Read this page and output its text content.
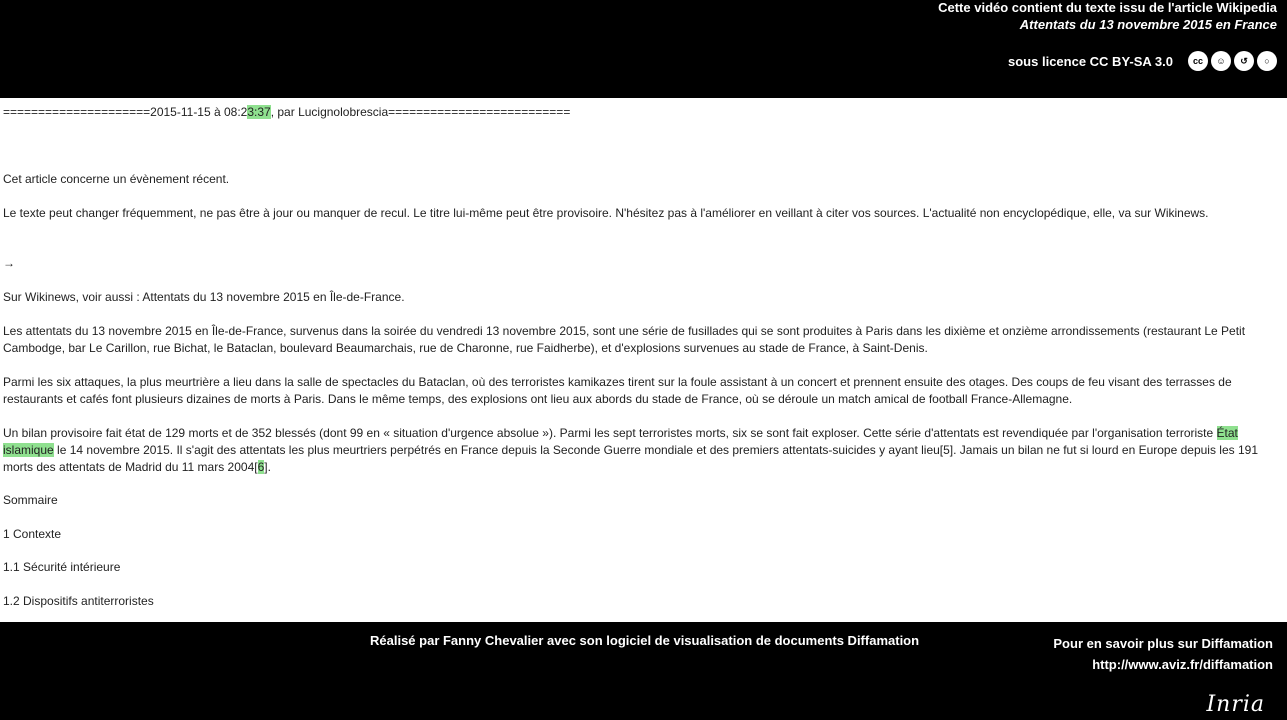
Cette vidéo contient du texte issu de l'article Wikipedia
Attentats du 13 novembre 2015 en France
sous licence CC BY-SA 3.0	cc	☺	↺	○

=====================2015-11-15 à 08:23:37, par Lucignolobrescia==========================

Cet article concerne un évènement récent.

Le texte peut changer fréquemment, ne pas être à jour ou manquer de recul. Le titre lui-même peut être provisoire. N'hésitez pas à l'améliorer en veillant à citer vos sources. L'actualité non encyclopédique, elle, va sur Wikinews.

→

Sur Wikinews, voir aussi : Attentats du 13 novembre 2015 en Île-de-France.

Les attentats du 13 novembre 2015 en Île-de-France, survenus dans la soirée du vendredi 13 novembre 2015, sont une série de fusillades qui se sont produites à Paris dans les dixième et onzième arrondissements (restaurant Le Petit Cambodge, bar Le Carillon, rue Bichat, le Bataclan, boulevard Beaumarchais, rue de Charonne, rue Faidherbe), et d'explosions survenues au stade de France, à Saint-Denis.

Parmi les six attaques, la plus meurtrière a lieu dans la salle de spectacles du Bataclan, où des terroristes kamikazes tirent sur la foule assistant à un concert et prennent ensuite des otages. Des coups de feu visant des terrasses de restaurants et cafés font plusieurs dizaines de morts à Paris. Dans le même temps, des explosions ont lieu aux abords du stade de France, où se déroule un match amical de football France-Allemagne.

Un bilan provisoire fait état de 129 morts et de 352 blessés (dont 99 en « situation d'urgence absolue »). Parmi les sept terroristes morts, six se sont fait exploser. Cette série d'attentats est revendiquée par l'organisation terroriste État islamique le 14 novembre 2015. Il s'agit des attentats les plus meurtriers perpétrés en France depuis la Seconde Guerre mondiale et des premiers attentats-suicides y ayant lieu[5]. Jamais un bilan ne fut si lourd en Europe depuis les 191 morts des attentats de Madrid du 11 mars 2004[6].

Sommaire

1 Contexte

1.1 Sécurité intérieure

1.2 Dispositifs antiterroristes

Réalisé par Fanny Chevalier avec son logiciel de visualisation de documents Diffamation	Pour en savoir plus sur Diffamation
http://www.aviz.fr/diffamation
Inria
